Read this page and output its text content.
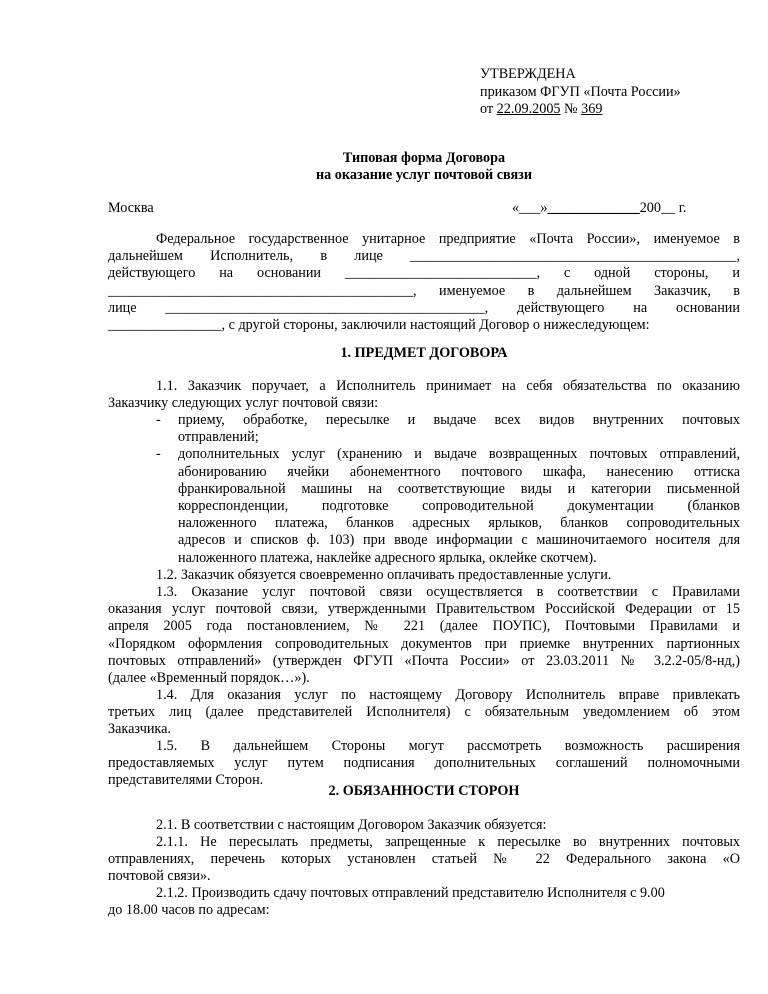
УТВЕРЖДЕНА
приказом ФГУП «Почта России»
от 22.09.2005 № 369
Типовая форма Договора
на оказание услуг почтовой связи
Москва	«___»_____________200__ г.
Федеральное государственное унитарное предприятие «Почта России», именуемое в
дальнейшем Исполнитель, в лице ______________________________________________,
действующего на основании ___________________________, с одной стороны, и
___________________________________________, именуемое в дальнейшем Заказчик, в
лице _____________________________________________, действующего на основании
________________, с другой стороны, заключили настоящий Договор о нижеследующем:
1. ПРЕДМЕТ ДОГОВОРА
1.1. Заказчик поручает, а Исполнитель принимает на себя обязательства по оказанию
Заказчику следующих услуг почтовой связи:
- приему, обработке, пересылке и выдаче всех видов внутренних почтовых
отправлений;
- дополнительных услуг (хранению и выдаче возвращенных почтовых отправлений,
абонированию ячейки абонементного почтового шкафа, нанесению оттиска
франкировальной машины на соответствующие виды и категории письменной
корреспонденции, подготовке сопроводительной документации (бланков
наложенного платежа, бланков адресных ярлыков, бланков сопроводительных
адресов и списков ф. 103) при вводе информации с машиночитаемого носителя для
наложенного платежа, наклейке адресного ярлыка, оклейке скотчем).
1.2. Заказчик обязуется своевременно оплачивать предоставленные услуги.
1.3. Оказание услуг почтовой связи осуществляется в соответствии с Правилами
оказания услуг почтовой связи, утвержденными Правительством Российской Федерации от 15
апреля 2005 года постановлением, № 221 (далее ПОУПС), Почтовыми Правилами и
«Порядком оформления сопроводительных документов при приемке внутренних партионных
почтовых отправлений» (утвержден ФГУП «Почта России» от 23.03.2011 № 3.2.2-05/8-нд,)
(далее «Временный порядок…»).
1.4. Для оказания услуг по настоящему Договору Исполнитель вправе привлекать
третьих лиц (далее представителей Исполнителя) с обязательным уведомлением об этом
Заказчика.
1.5. В дальнейшем Стороны могут рассмотреть возможность расширения
предоставляемых услуг путем подписания дополнительных соглашений полномочными
представителями Сторон.
2. ОБЯЗАННОСТИ СТОРОН
2.1. В соответствии с настоящим Договором Заказчик обязуется:
2.1.1. Не пересылать предметы, запрещенные к пересылке во внутренних почтовых
отправлениях, перечень которых установлен статьей № 22 Федерального закона «О
почтовой связи».
2.1.2. Производить сдачу почтовых отправлений представителю Исполнителя с 9.00
до 18.00 часов по адресам:
